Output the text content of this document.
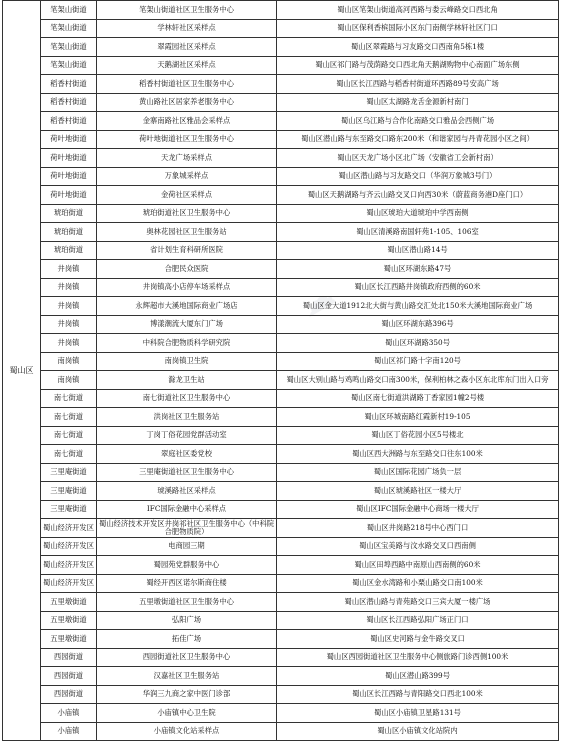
☁
蜀山区	笔架山街道	笔架山街道社区卫生服务中心	蜀山区笔架山街道高河西路与娄云峰路交口西北角
	笔架山街道	学林轩社区采样点	蜀山区保利香槟国际小区东门南侧学林轩社区门口
	笔架山街道	翠霞园社区采样点	蜀山区翠霞路与习友路交口西南角5栋1楼
	笔架山街道	天鹅湖社区采样点	蜀山区祁门路与茂荫路交口西北角天鹅湖购物中心南面广场东侧
	稻香村街道	稻香村街道社区卫生服务中心	蜀山区长江西路与稻香村街道环西路89号安高广场
	稻香村街道	黄山路社区居家养老服务中心	蜀山区太湖路龙舌金源新村南门
	稻香村街道	金寨南路社区雅品会采样点	蜀山区乌江路与合作化南路交口雅品会西侧广场
	荷叶地街道	荷叶地街道社区卫生服务中心	蜀山区潜山路与东至路交口路东200米（和谐家园与丹青花园小区之间）
	荷叶地街道	天龙广场采样点	蜀山区天龙广场小区北广场（安徽省工会新村南）
	荷叶地街道	万象城采样点	蜀山区潜山路与习友路交口（华润万象城3号门）
	荷叶地街道	金荷社区采样点	蜀山区天鹅湖路与齐云山路交叉口向西30米（蔚蓝商务港D座门口）
	琥珀街道	琥珀街道社区卫生服务中心	蜀山区琥珀大道琥珀中学西南侧
	琥珀街道	奥林花园社区卫生服务站	蜀山区清溪路南国轩苑1-105、106室
	琥珀街道	省计划生育科研所医院	蜀山区潜山路14号
	井岗镇	合肥民众医院	蜀山区环湖东路47号
	井岗镇	井岗镇高小店停车场采样点	蜀山区长江西路井岗镇政府西侧的60米
	井岗镇	永辉超市大溪地国际商业广场店	蜀山区金大道1912北大街与黄山路交汇处北150米大溪地国际商业广场
	井岗镇	博漾潮流大厦东门广场	蜀山区环湖东路396号
	井岗镇	中科院合肥物质科学研究院	蜀山区环湖路350号
	南岗镇	南岗镇卫生院	蜀山区祁门路十字南120号
	南岗镇	滁龙卫生站	蜀山区大别山路与鸡鸣山路交口南300米，保利柏林之森小区东北库东门出入口旁
	南七街道	南七街道社区卫生服务中心	蜀山区南七街道洪湖路丁香家园1幢2号楼
	南七街道	洪岗社区卫生服务站	蜀山区环城南路红霞新村19-105
	南七街道	丁岗丁俗花园党群活动室	蜀山区丁俗花园小区5号楼北
	南七街道	翠庭社区委党校	蜀山区西大洲路与东至路交口往东100米
	三里庵街道	三里庵街道社区卫生服务中心	蜀山区国际花园广场负一层
	三里庵街道	琥溪路社区采样点	蜀山区琥溪路社区一楼大厅
	三里庵街道	IFC国际金融中心采样点	蜀山区IFC国际金融中心商场一楼大厅
	蜀山经济开发区	蜀山经济技术开发区井岗祁社区卫生服务中心（中科院合肥物质院）	蜀山区井岗路218号中心西门口
	蜀山经济开发区	电商园三期	蜀山区宝美路与汶水路交叉口西南侧
	蜀山经济开发区	蜀园苑党群服务中心	蜀山区田埠西路中南原山西南侧的60米
	蜀山经济开发区	蜀经开西区诺尔斯商住楼	蜀山区金水湾路和小栗山路交口南100米
	五里墩街道	五里墩街道社区卫生服务中心	蜀山区潜山路与青苑路交口三宾大厦一楼广场
	五里墩街道	弘阳广场	蜀山区长江西路弘阳广场正门口
	五里墩街道	拓佳广场	蜀山区史河路与金牛路交叉口
	西园街道	西园街道社区卫生服务中心	蜀山区西园街道社区卫生服务中心侧旅路门诊西侧100米
	西园街道	汉嘉社区卫生服务站	蜀山区潜山路399号
	西园街道	华润三九商之家中医门诊部	蜀山区长江西路与青阳路交口西北100米
	小庙镇	小庙镇中心卫生院	蜀山区小庙镇卫星路131号
	小庙镇	小庙镇文化站采样点	蜀山区小庙镇文化站院内
